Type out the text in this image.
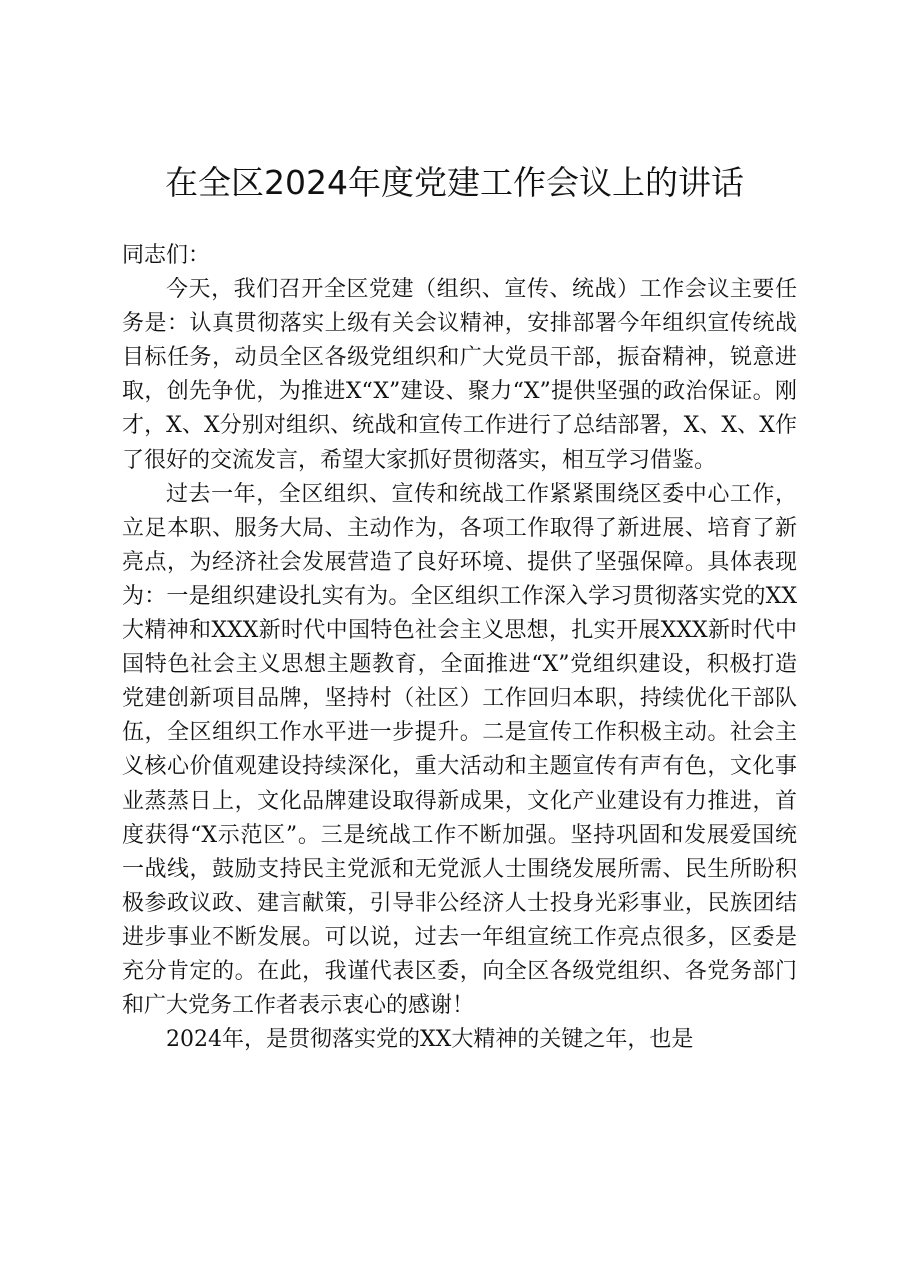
在全区2024年度党建工作会议上的讲话

同志们：

今天，我们召开全区党建（组织、宣传、统战）工作会议主要任务是：认真贯彻落实上级有关会议精神，安排部署今年组织宣传统战目标任务，动员全区各级党组织和广大党员干部，振奋精神，锐意进取，创先争优，为推进X“X”建设、聚力“X”提供坚强的政治保证。刚才，X、X分别对组织、统战和宣传工作进行了总结部署，X、X、X作了很好的交流发言，希望大家抓好贯彻落实，相互学习借鉴。

过去一年，全区组织、宣传和统战工作紧紧围绕区委中心工作，立足本职、服务大局、主动作为，各项工作取得了新进展、培育了新亮点，为经济社会发展营造了良好环境、提供了坚强保障。具体表现为：一是组织建设扎实有为。全区组织工作深入学习贯彻落实党的XX大精神和XXX新时代中国特色社会主义思想，扎实开展XXX新时代中国特色社会主义思想主题教育，全面推进“X”党组织建设，积极打造党建创新项目品牌，坚持村（社区）工作回归本职，持续优化干部队伍，全区组织工作水平进一步提升。二是宣传工作积极主动。社会主义核心价值观建设持续深化，重大活动和主题宣传有声有色，文化事业蒸蒸日上，文化品牌建设取得新成果，文化产业建设有力推进，首度获得“X示范区”。三是统战工作不断加强。坚持巩固和发展爱国统一战线，鼓励支持民主党派和无党派人士围绕发展所需、民生所盼积极参政议政、建言献策，引导非公经济人士投身光彩事业，民族团结进步事业不断发展。可以说，过去一年组宣统工作亮点很多，区委是充分肯定的。在此，我谨代表区委，向全区各级党组织、各党务部门和广大党务工作者表示衷心的感谢！

2024年，是贯彻落实党的XX大精神的关键之年，也是
